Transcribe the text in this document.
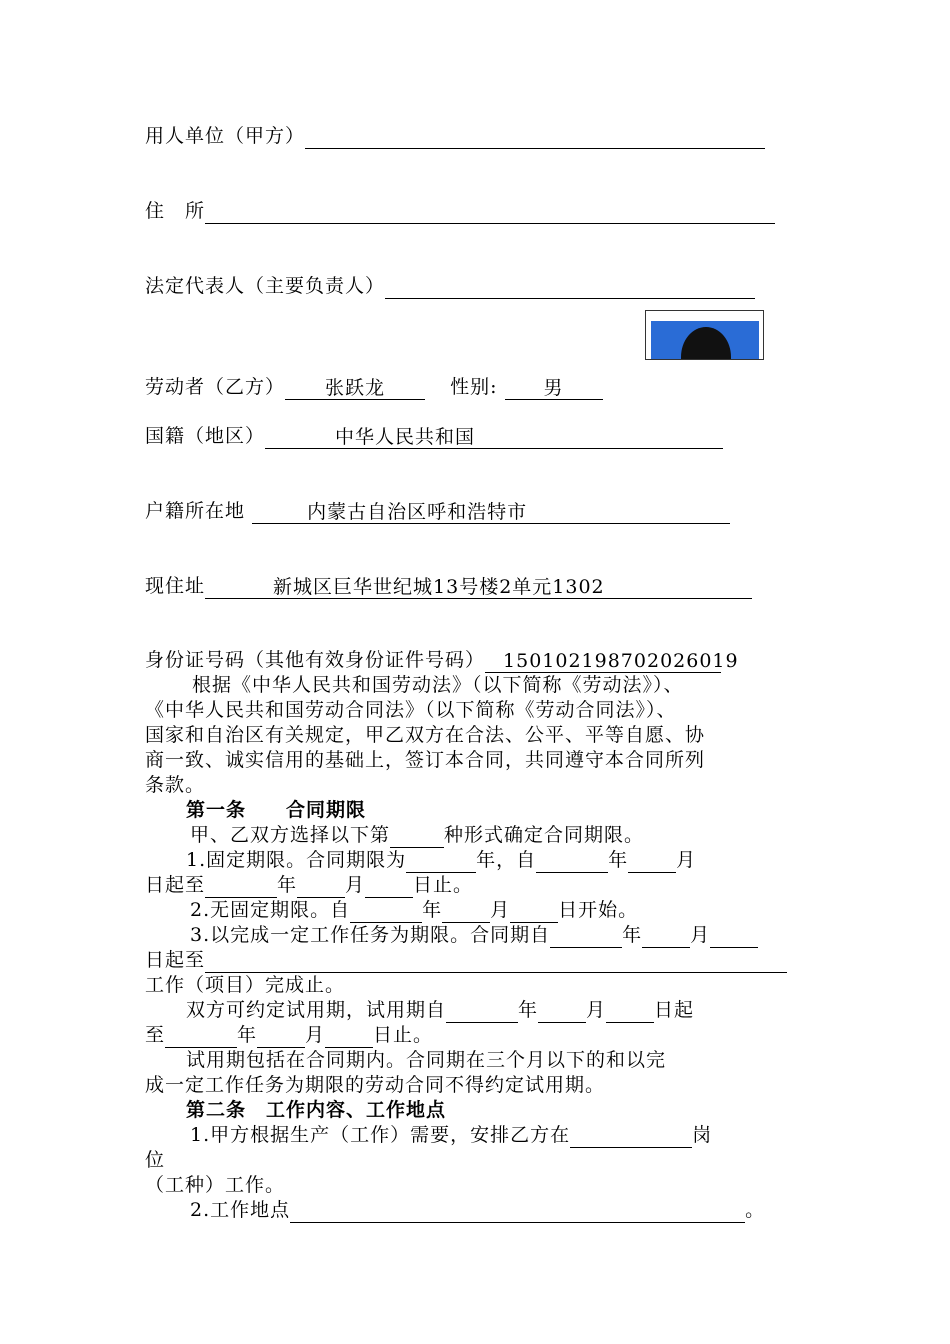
用人单位（甲方）
住　所
法定代表人（主要负责人）
劳动者（乙方） 张跃龙	性别: 男
国籍（地区）	中华人民共和国
户籍所在地	内蒙古自治区呼和浩特市
现住址	新城区巨华世纪城13号楼2单元1302
身份证号码（其他有效身份证件号码） 150102198702026019
根据《中华人民共和国劳动法》（以下简称《劳动法》）、
《中华人民共和国劳动合同法》（以下简称《劳动合同法》）、
国家和自治区有关规定，甲乙双方在合法、公平、平等自愿、协
商一致、诚实信用的基础上，签订本合同，共同遵守本合同所列
条款。
第一条　　合同期限
甲、乙双方选择以下第	种形式确定合同期限。
1.固定期限。合同期限为	年，自	年	月
日起至	年	月	日止。
2.无固定期限。自	年	月	日开始。
3.以完成一定工作任务为期限。合同期自	年	月
日起至
工作（项目）完成止。
双方可约定试用期，试用期自	年	月	日起
至	年	月	日止。
试用期包括在合同期内。合同期在三个月以下的和以完
成一定工作任务为期限的劳动合同不得约定试用期。
第二条　工作内容、工作地点
1.甲方根据生产（工作）需要，安排乙方在	岗
位
（工种）工作。
2.工作地点	。
